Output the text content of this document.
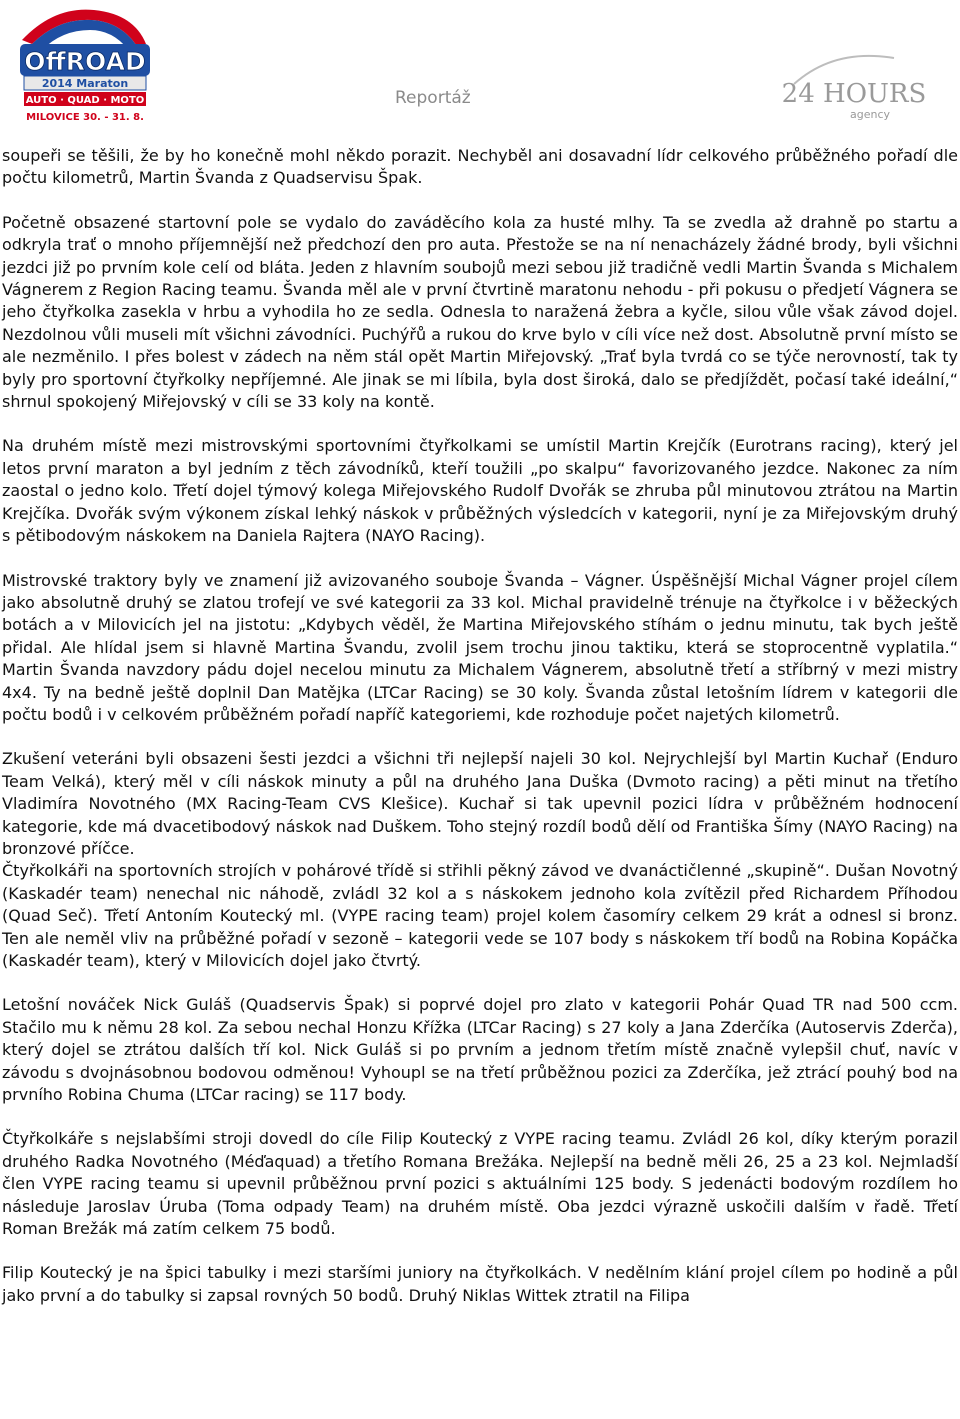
OffROAD
2014 Maraton
AUTO · QUAD · MOTO
MILOVICE 30. - 31. 8.
Reportáž	24 HOURS
agency

soupeři se těšili, že by ho konečně mohl někdo porazit. Nechyběl ani dosavadní lídr celkového průběžného pořadí dle počtu kilometrů, Martin Švanda z Quadservisu Špak.

Početně obsazené startovní pole se vydalo do zaváděcího kola za husté mlhy. Ta se zvedla až drahně po startu a odkryla trať o mnoho příjemnější než předchozí den pro auta. Přestože se na ní nenacházely žádné brody, byli všichni jezdci již po prvním kole celí od bláta. Jeden z hlavním soubojů mezi sebou již tradičně vedli Martin Švanda s Michalem Vágnerem z Region Racing teamu. Švanda měl ale v první čtvrtině maratonu nehodu - při pokusu o předjetí Vágnera se jeho čtyřkolka zasekla v hrbu a vyhodila ho ze sedla. Odnesla to naražená žebra a kyčle, silou vůle však závod dojel. Nezdolnou vůli museli mít všichni závodníci. Puchýřů a rukou do krve bylo v cíli více než dost. Absolutně první místo se ale nezměnilo. I přes bolest v zádech na něm stál opět Martin Miřejovský. „Trať byla tvrdá co se týče nerovností, tak ty byly pro sportovní čtyřkolky nepříjemné. Ale jinak se mi líbila, byla dost široká, dalo se předjíždět, počasí také ideální,“ shrnul spokojený Miřejovský v cíli se 33 koly na kontě.

Na druhém místě mezi mistrovskými sportovními čtyřkolkami se umístil Martin Krejčík (Eurotrans racing), který jel letos první maraton a byl jedním z těch závodníků, kteří toužili „po skalpu“ favorizovaného jezdce. Nakonec za ním zaostal o jedno kolo. Třetí dojel týmový kolega Miřejovského Rudolf Dvořák se zhruba půl minutovou ztrátou na Martin Krejčíka. Dvořák svým výkonem získal lehký náskok v průběžných výsledcích v kategorii, nyní je za Miřejovským druhý s pětibodovým náskokem na Daniela Rajtera (NAYO Racing).

Mistrovské traktory byly ve znamení již avizovaného souboje Švanda – Vágner. Úspěšnější Michal Vágner projel cílem jako absolutně druhý se zlatou trofejí ve své kategorii za 33 kol. Michal pravidelně trénuje na čtyřkolce i v běžeckých botách a v Milovicích jel na jistotu: „Kdybych věděl, že Martina Miřejovského stíhám o jednu minutu, tak bych ještě přidal. Ale hlídal jsem si hlavně Martina Švandu, zvolil jsem trochu jinou taktiku, která se stoprocentně vyplatila.“ Martin Švanda navzdory pádu dojel necelou minutu za Michalem Vágnerem, absolutně třetí a stříbrný v mezi mistry 4x4. Ty na bedně ještě doplnil Dan Matějka (LTCar Racing) se 30 koly. Švanda zůstal letošním lídrem v kategorii dle počtu bodů i v celkovém průběžném pořadí napříč kategoriemi, kde rozhoduje počet najetých kilometrů.

Zkušení veteráni byli obsazeni šesti jezdci a všichni tři nejlepší najeli 30 kol. Nejrychlejší byl Martin Kuchař (Enduro Team Velká), který měl v cíli náskok minuty a půl na druhého Jana Duška (Dvmoto racing) a pěti minut na třetího Vladimíra Novotného (MX Racing-Team CVS Klešice). Kuchař si tak upevnil pozici lídra v průběžném hodnocení kategorie, kde má dvacetibodový náskok nad Duškem. Toho stejný rozdíl bodů dělí od Františka Šímy (NAYO Racing) na bronzové příčce.

Čtyřkolkáři na sportovních strojích v pohárové třídě si střihli pěkný závod ve dvanáctičlenné „skupině“. Dušan Novotný (Kaskadér team) nenechal nic náhodě, zvládl 32 kol a s náskokem jednoho kola zvítězil před Richardem Příhodou (Quad Seč). Třetí Antoním Koutecký ml. (VYPE racing team) projel kolem časomíry celkem 29 krát a odnesl si bronz. Ten ale neměl vliv na průběžné pořadí v sezoně – kategorii vede se 107 body s náskokem tří bodů na Robina Kopáčka (Kaskadér team), který v Milovicích dojel jako čtvrtý.

Letošní nováček Nick Guláš (Quadservis Špak) si poprvé dojel pro zlato v kategorii Pohár Quad TR nad 500 ccm. Stačilo mu k němu 28 kol. Za sebou nechal Honzu Křížka (LTCar Racing) s 27 koly a Jana Zderčíka (Autoservis Zderča), který dojel se ztrátou dalších tří kol. Nick Guláš si po prvním a jednom třetím místě značně vylepšil chuť, navíc v závodu s dvojnásobnou bodovou odměnou! Vyhoupl se na třetí průběžnou pozici za Zderčíka, jež ztrácí pouhý bod na prvního Robina Chuma (LTCar racing) se 117 body.

Čtyřkolkáře s nejslabšími stroji dovedl do cíle Filip Koutecký z VYPE racing teamu. Zvládl 26 kol, díky kterým porazil druhého Radka Novotného (Méďaquad) a třetího Romana Brežáka. Nejlepší na bedně měli 26, 25 a 23 kol. Nejmladší člen VYPE racing teamu si upevnil průběžnou první pozici s aktuálními 125 body. S jedenácti bodovým rozdílem ho následuje Jaroslav Úruba (Toma odpady Team) na druhém místě. Oba jezdci výrazně uskočili dalším v řadě. Třetí Roman Brežák má zatím celkem 75 bodů.

Filip Koutecký je na špici tabulky i mezi staršími juniory na čtyřkolkách. V nedělním klání projel cílem po hodině a půl jako první a do tabulky si zapsal rovných 50 bodů. Druhý Niklas Wittek ztratil na Filipa
